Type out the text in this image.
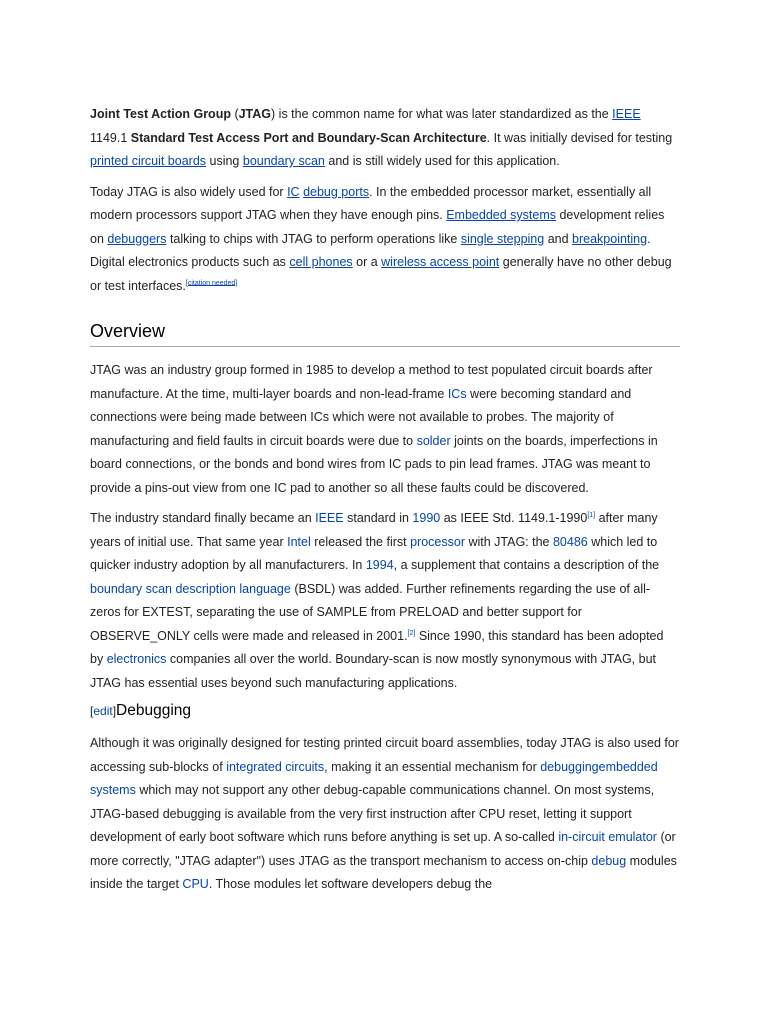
Joint Test Action Group (JTAG) is the common name for what was later standardized as the IEEE 1149.1 Standard Test Access Port and Boundary-Scan Architecture. It was initially devised for testing printed circuit boards using boundary scan and is still widely used for this application.

Today JTAG is also widely used for IC debug ports. In the embedded processor market, essentially all modern processors support JTAG when they have enough pins. Embedded systems development relies on debuggers talking to chips with JTAG to perform operations like single stepping and breakpointing. Digital electronics products such as cell phones or a wireless access point generally have no other debug or test interfaces.[citation needed]

Overview

JTAG was an industry group formed in 1985 to develop a method to test populated circuit boards after manufacture. At the time, multi-layer boards and non-lead-frame ICs were becoming standard and connections were being made between ICs which were not available to probes. The majority of manufacturing and field faults in circuit boards were due to solder joints on the boards, imperfections in board connections, or the bonds and bond wires from IC pads to pin lead frames. JTAG was meant to provide a pins-out view from one IC pad to another so all these faults could be discovered.

The industry standard finally became an IEEE standard in 1990 as IEEE Std. 1149.1-1990[1] after many years of initial use. That same year Intel released the first processor with JTAG: the 80486 which led to quicker industry adoption by all manufacturers. In 1994, a supplement that contains a description of the boundary scan description language (BSDL) was added. Further refinements regarding the use of all-zeros for EXTEST, separating the use of SAMPLE from PRELOAD and better support for OBSERVE_ONLY cells were made and released in 2001.[2] Since 1990, this standard has been adopted by electronics companies all over the world. Boundary-scan is now mostly synonymous with JTAG, but JTAG has essential uses beyond such manufacturing applications.

[edit]Debugging

Although it was originally designed for testing printed circuit board assemblies, today JTAG is also used for accessing sub-blocks of integrated circuits, making it an essential mechanism for debuggingembedded systems which may not support any other debug-capable communications channel. On most systems, JTAG-based debugging is available from the very first instruction after CPU reset, letting it support development of early boot software which runs before anything is set up. A so-called in-circuit emulator (or more correctly, "JTAG adapter") uses JTAG as the transport mechanism to access on-chip debug modules inside the target CPU. Those modules let software developers debug the
